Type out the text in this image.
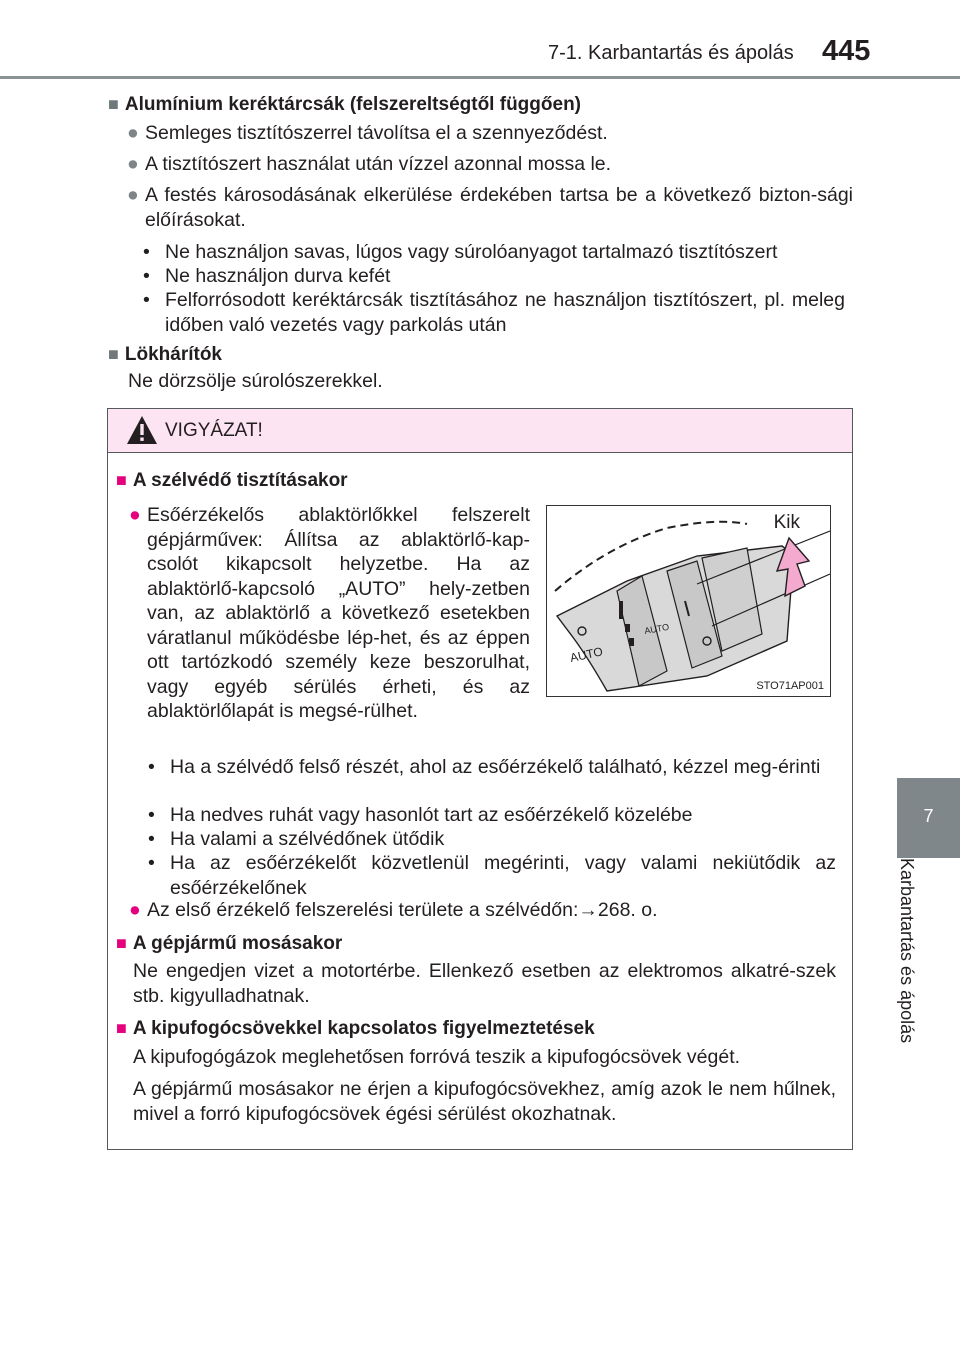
7-1. Karbantartás és ápolás 445
7
Karbantartás és ápolás
■ Alumínium keréktárcsák (felszereltségtől függően)
● Semleges tisztítószerrel távolítsa el a szennyeződést.
● A tisztítószert használat után vízzel azonnal mossa le.
● A festés károsodásának elkerülése érdekében tartsa be a következő bizton-sági előírásokat.
• Ne használjon savas, lúgos vagy súrolóanyagot tartalmazó tisztítószert
• Ne használjon durva kefét
• Felforrósodott keréktárcsák tisztításához ne használjon tisztítószert, pl. meleg időben való vezetés vagy parkolás után
■ Lökhárítók
Ne dörzsölje súrolószerekkel.
VIGYÁZAT!
■ A szélvédő tisztításakor
● Esőérzékelős ablaktörlőkkel felszerelt gépjárműveк: Állítsa az ablaktörlő-kap-csolót kikapcsolt helyzetbe. Ha az ablaktörlő-kapcsoló „AUTO” hely-zetben van, az ablaktörlő a következő esetekben váratlanul működésbe lép-het, és az éppen ott tartózkodó személy keze beszorulhat, vagy egyéb sérülés érheti, és az ablaktörlőlapát is megsé-rülhet.
• Ha a szélvédő felső részét, ahol az esőérzékelő található, kézzel meg-érinti
• Ha nedves ruhát vagy hasonlót tart az esőérzékelő közelébe
• Ha valami a szélvédőnek ütődik
• Ha az esőérzékelőt közvetlenül megérinti, vagy valami nekiütődik az esőérzékelőnek
● Az első érzékelő felszerelési területe a szélvédőn:→268. o.
■ A gépjármű mosásakor
Ne engedjen vizet a motortérbe. Ellenkező esetben az elektromos alkatré-szek stb. kigyulladhatnak.
■ A kipufogócsövekkel kapcsolatos figyelmeztetések
A kipufogógázok meglehetősen forróvá teszik a kipufogócsövek végét.
A gépjármű mosásakor ne érjen a kipufogócsövekhez, amíg azok le nem hűlnek, mivel a forró kipufogócsövek égési sérülést okozhatnak.
AUTO
AUTO
Kik
STO71AP001
